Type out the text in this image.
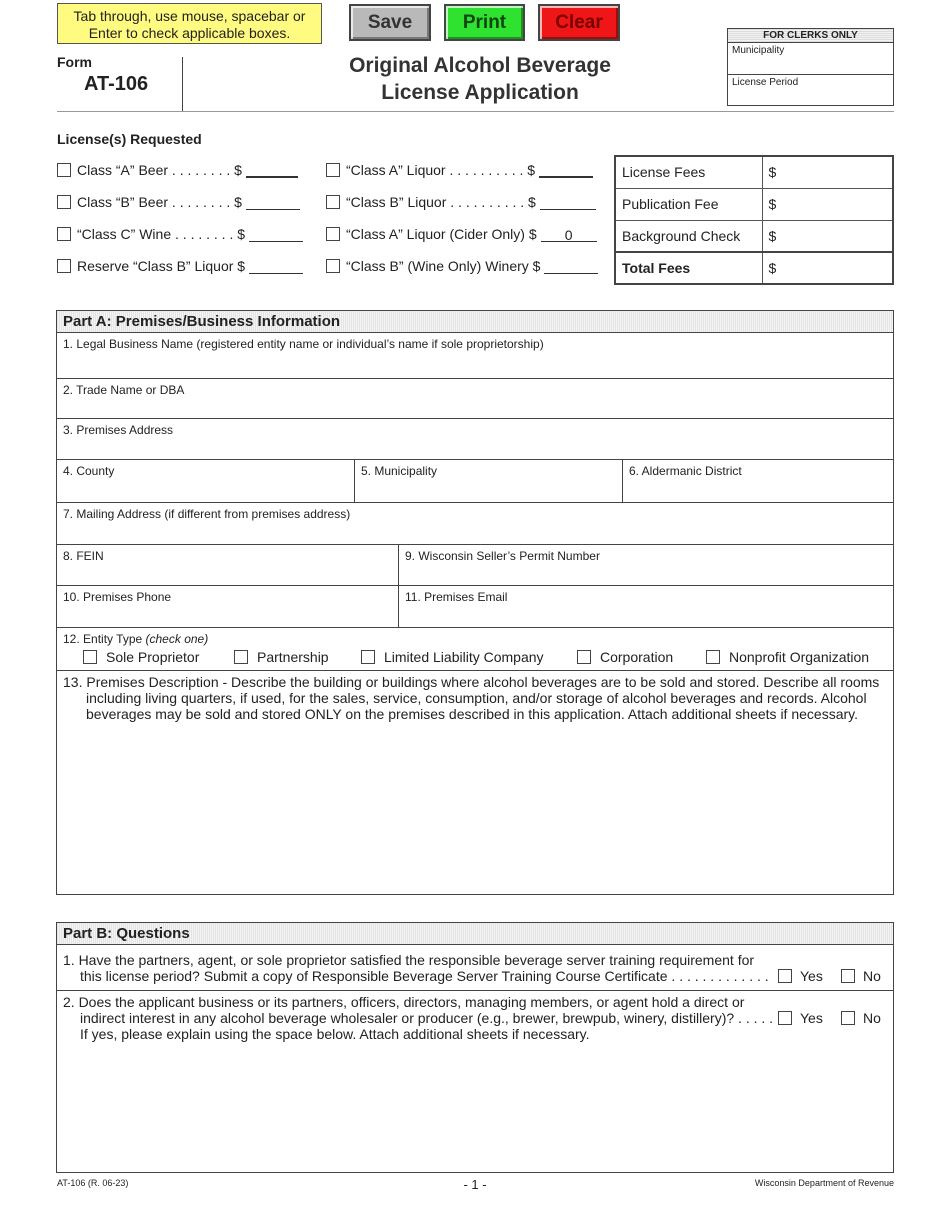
Tab through, use mouse, spacebar or Enter to check applicable boxes.
Save	Print	Clear
Form
AT-106
Original Alcohol Beverage
License Application
FOR CLERKS ONLY
Municipality
License Period
License(s) Requested
Class “A” Beer . . . . . . . . $
Class “B” Beer . . . . . . . . $
“Class C” Wine . . . . . . . . $
Reserve “Class B” Liquor $
“Class A” Liquor . . . . . . . . . . $
“Class B” Liquor . . . . . . . . . . $
“Class A” Liquor (Cider Only) $	0
“Class B” (Wine Only) Winery $
License Fees	$
Publication Fee	$
Background Check	$
Total Fees	$
Part A: Premises/Business Information
1. Legal Business Name (registered entity name or individual’s name if sole proprietorship)
2. Trade Name or DBA
3. Premises Address
4. County	5. Municipality	6. Aldermanic District
7. Mailing Address (if different from premises address)
8. FEIN	9. Wisconsin Seller’s Permit Number
10. Premises Phone	11. Premises Email
12. Entity Type (check one)
Sole Proprietor	Partnership	Limited Liability Company	Corporation	Nonprofit Organization
13. Premises Description - Describe the building or buildings where alcohol beverages are to be sold and stored. Describe all rooms including living quarters, if used, for the sales, service, consumption, and/or storage of alcohol beverages and records. Alcohol beverages may be sold and stored ONLY on the premises described in this application. Attach additional sheets if necessary.
Part B: Questions
1. Have the partners, agent, or sole proprietor satisfied the responsible beverage server training requirement for
this license period? Submit a copy of Responsible Beverage Server Training Course Certificate . . . . . . . . . . . . . Yes	No
2. Does the applicant business or its partners, officers, directors, managing members, or agent hold a direct or
indirect interest in any alcohol beverage wholesaler or producer (e.g., brewer, brewpub, winery, distillery)? . . . . .
If yes, please explain using the space below. Attach additional sheets if necessary.
Yes	No
AT-106 (R. 06-23)	- 1 -	Wisconsin Department of Revenue
